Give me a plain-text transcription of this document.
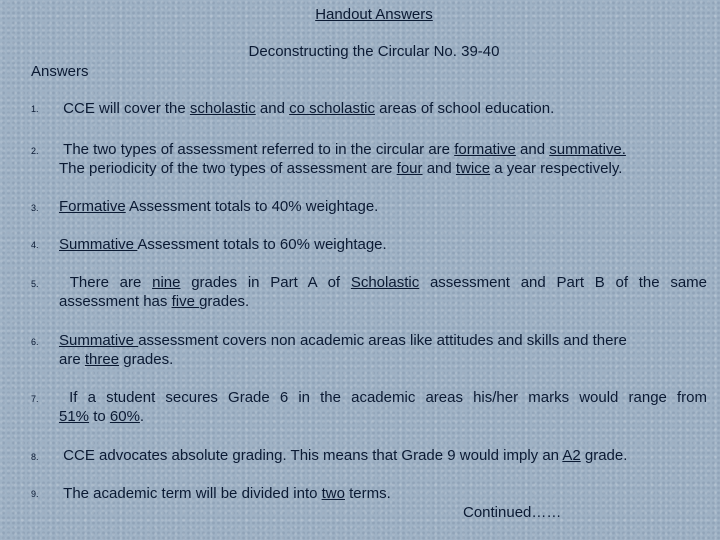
Handout Answers
Deconstructing the Circular No. 39-40
Answers
1. CCE will cover the scholastic and co scholastic areas of school education.
2. The two types of assessment referred to in the circular are formative and summative.
The periodicity of the two types of assessment are four and twice a year respectively.
3. Formative Assessment totals to 40% weightage.
4. Summative Assessment totals to 60% weightage.
5.	There are nine grades in Part A of Scholastic assessment and Part B of the same
assessment has five grades.
6. Summative assessment covers non academic areas like attitudes and skills and there
are three grades.
7.	If a student secures Grade 6 in the academic areas his/her marks would range from
51% to 60%.
8. CCE advocates absolute grading. This means that Grade 9 would imply an A2 grade.
9. The academic term will be divided into two terms.
Continued……
